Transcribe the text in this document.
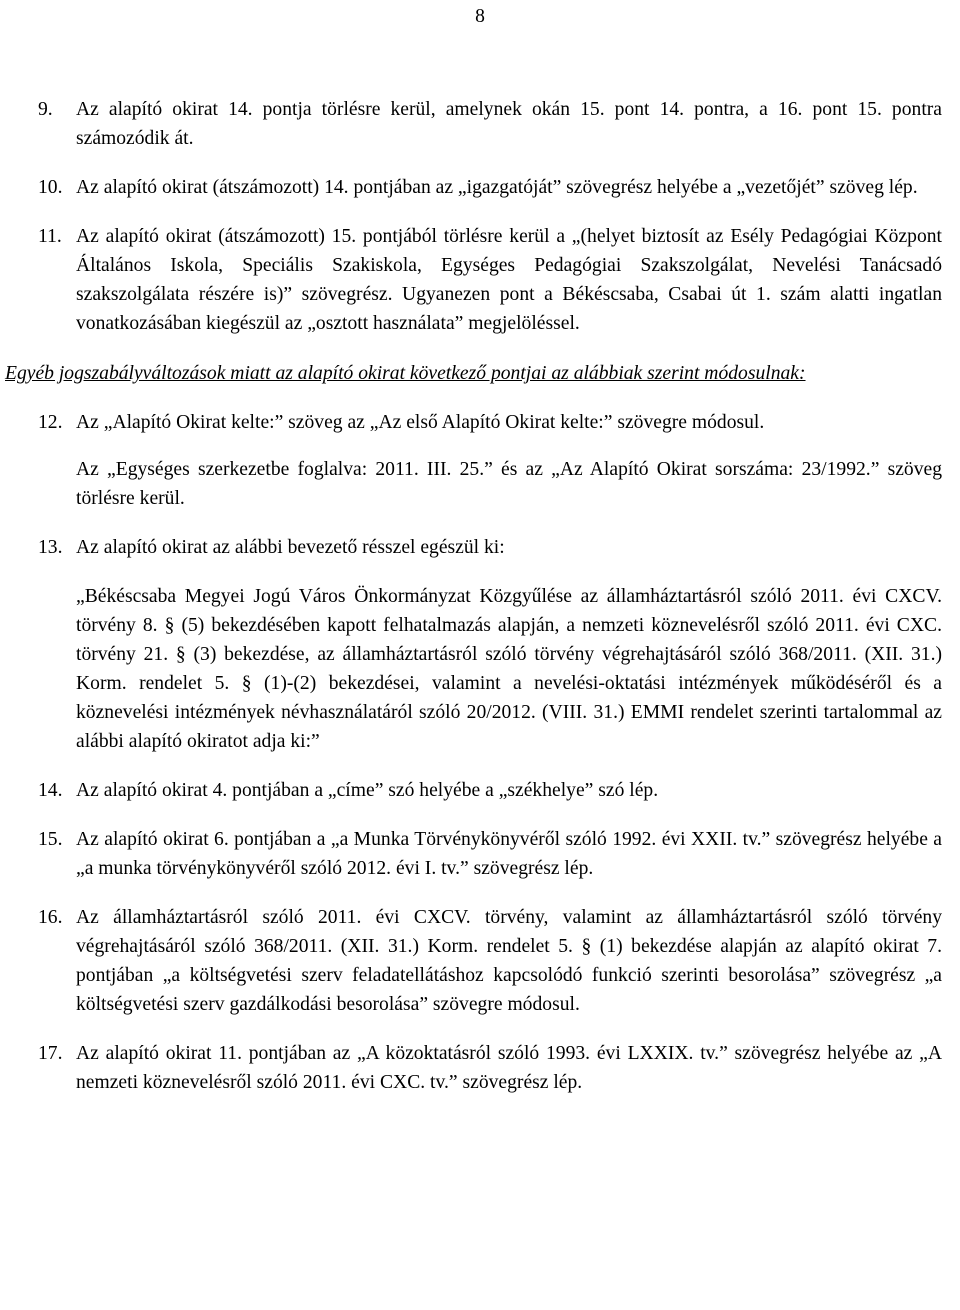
8
9.	Az alapító okirat 14. pontja törlésre kerül, amelynek okán 15. pont 14. pontra, a 16. pont 15. pontra számozódik át.
10. Az alapító okirat (átszámozott) 14. pontjában az „igazgatóját” szövegrész helyébe a „vezetőjét” szöveg lép.
11. Az alapító okirat (átszámozott) 15. pontjából törlésre kerül a „(helyet biztosít az Esély Pedagógiai Központ Általános Iskola, Speciális Szakiskola, Egységes Pedagógiai Szakszolgálat, Nevelési Tanácsadó szakszolgálata részére is)” szövegrész. Ugyanezen pont a Békéscsaba, Csabai út 1. szám alatti ingatlan vonatkozásában kiegészül az „osztott használata” megjelöléssel.
Egyéb jogszabályváltozások miatt az alapító okirat következő pontjai az alábbiak szerint módosulnak:
12. Az „Alapító Okirat kelte:” szöveg az „Az első Alapító Okirat kelte:” szövegre módosul.
Az „Egységes szerkezetbe foglalva: 2011. III. 25.” és az „Az Alapító Okirat sorszáma: 23/1992.” szöveg törlésre kerül.
13. Az alapító okirat az alábbi bevezető résszel egészül ki:
„Békéscsaba Megyei Jogú Város Önkormányzat Közgyűlése az államháztartásról szóló 2011. évi CXCV. törvény 8. § (5) bekezdésében kapott felhatalmazás alapján, a nemzeti köznevelésről szóló 2011. évi CXC. törvény 21. § (3) bekezdése, az államháztartásról szóló törvény végrehajtásáról szóló 368/2011. (XII. 31.) Korm. rendelet 5. § (1)-(2) bekezdései, valamint a nevelési-oktatási intézmények működéséről és a köznevelési intézmények névhasználatáról szóló 20/2012. (VIII. 31.) EMMI rendelet szerinti tartalommal az alábbi alapító okiratot adja ki:”
14. Az alapító okirat 4. pontjában a „címe” szó helyébe a „székhelye” szó lép.
15. Az alapító okirat 6. pontjában a „a Munka Törvénykönyvéről szóló 1992. évi XXII. tv.” szövegrész helyébe a „a munka törvénykönyvéről szóló 2012. évi I. tv.” szövegrész lép.
16. Az államháztartásról szóló 2011. évi CXCV. törvény, valamint az államháztartásról szóló törvény végrehajtásáról szóló 368/2011. (XII. 31.) Korm. rendelet 5. § (1) bekezdése alapján az alapító okirat 7. pontjában „a költségvetési szerv feladatellátáshoz kapcsolódó funkció szerinti besorolása” szövegrész „a költségvetési szerv gazdálkodási besorolása” szövegre módosul.
17. Az alapító okirat 11. pontjában az „A közoktatásról szóló 1993. évi LXXIX. tv.” szövegrész helyébe az „A nemzeti köznevelésről szóló 2011. évi CXC. tv.” szövegrész lép.
